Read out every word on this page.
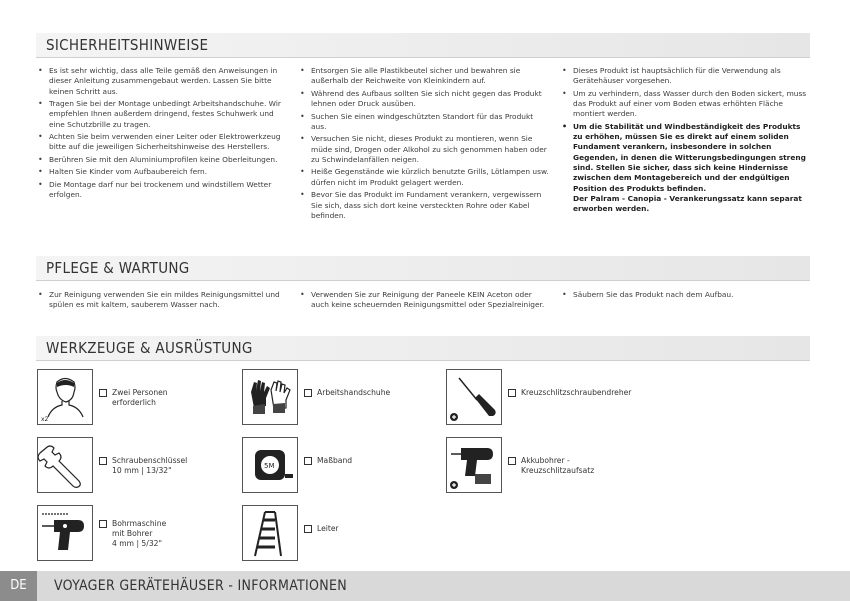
SICHERHEITSHINWEISE
• Es ist sehr wichtig, dass alle Teile gemäß den Anweisungen in dieser Anleitung zusammengebaut werden. Lassen Sie bitte keinen Schritt aus.
• Tragen Sie bei der Montage unbedingt Arbeitshandschuhe. Wir empfehlen Ihnen außerdem dringend, festes Schuhwerk und eine Schutzbrille zu tragen.
• Achten Sie beim verwenden einer Leiter oder Elektrowerkzeug bitte auf die jeweiligen Sicherheitshinweise des Herstellers.
• Berühren Sie mit den Aluminiumprofilen keine Oberleitungen.
• Halten Sie Kinder vom Aufbaubereich fern.
• Die Montage darf nur bei trockenem und windstillem Wetter erfolgen.
• Entsorgen Sie alle Plastikbeutel sicher und bewahren sie außerhalb der Reichweite von Kleinkindern auf.
• Während des Aufbaus sollten Sie sich nicht gegen das Produkt lehnen oder Druck ausüben.
• Suchen Sie einen windgeschützten Standort für das Produkt aus.
• Versuchen Sie nicht, dieses Produkt zu montieren, wenn Sie müde sind, Drogen oder Alkohol zu sich genommen haben oder zu Schwindelanfällen neigen.
• Heiße Gegenstände wie kürzlich benutzte Grills, Lötlampen usw. dürfen nicht im Produkt gelagert werden.
• Bevor Sie das Produkt im Fundament verankern, vergewissern Sie sich, dass sich dort keine versteckten Rohre oder Kabel befinden.
• Dieses Produkt ist hauptsächlich für die Verwendung als Gerätehäuser vorgesehen.
• Um zu verhindern, dass Wasser durch den Boden sickert, muss das Produkt auf einer vom Boden etwas erhöhten Fläche montiert werden.
• Um die Stabilität und Windbeständigkeit des Produkts zu erhöhen, müssen Sie es direkt auf einem soliden Fundament verankern, insbesondere in solchen Gegenden, in denen die Witterungsbedingungen streng sind. Stellen Sie sicher, dass sich keine Hindernisse zwischen dem Montagebereich und der endgültigen Position des Produkts befinden.
Der Palram - Canopia - Verankerungssatz kann separat erworben werden.
PFLEGE & WARTUNG
• Zur Reinigung verwenden Sie ein mildes Reinigungsmittel und spülen es mit kaltem, sauberem Wasser nach.
• Verwenden Sie zur Reinigung der Paneele KEIN Aceton oder auch keine scheuernden Reinigungsmittel oder Spezialreiniger.
• Säubern Sie das Produkt nach dem Aufbau.
WERKZEUGE & AUSRÜSTUNG
x2
Zwei Personen
erforderlich
Arbeitshandschuhe	Kreuzschlitzschraubendreher
Schraubenschlüssel
10 mm | 13/32"
5M
Maßband	Akkubohrer -
Kreuzschlitzaufsatz
Bohrmaschine
mit Bohrer
4 mm | 5/32"
Leiter
DE	VOYAGER GERÄTEHÄUSER - INFORMATIONEN
